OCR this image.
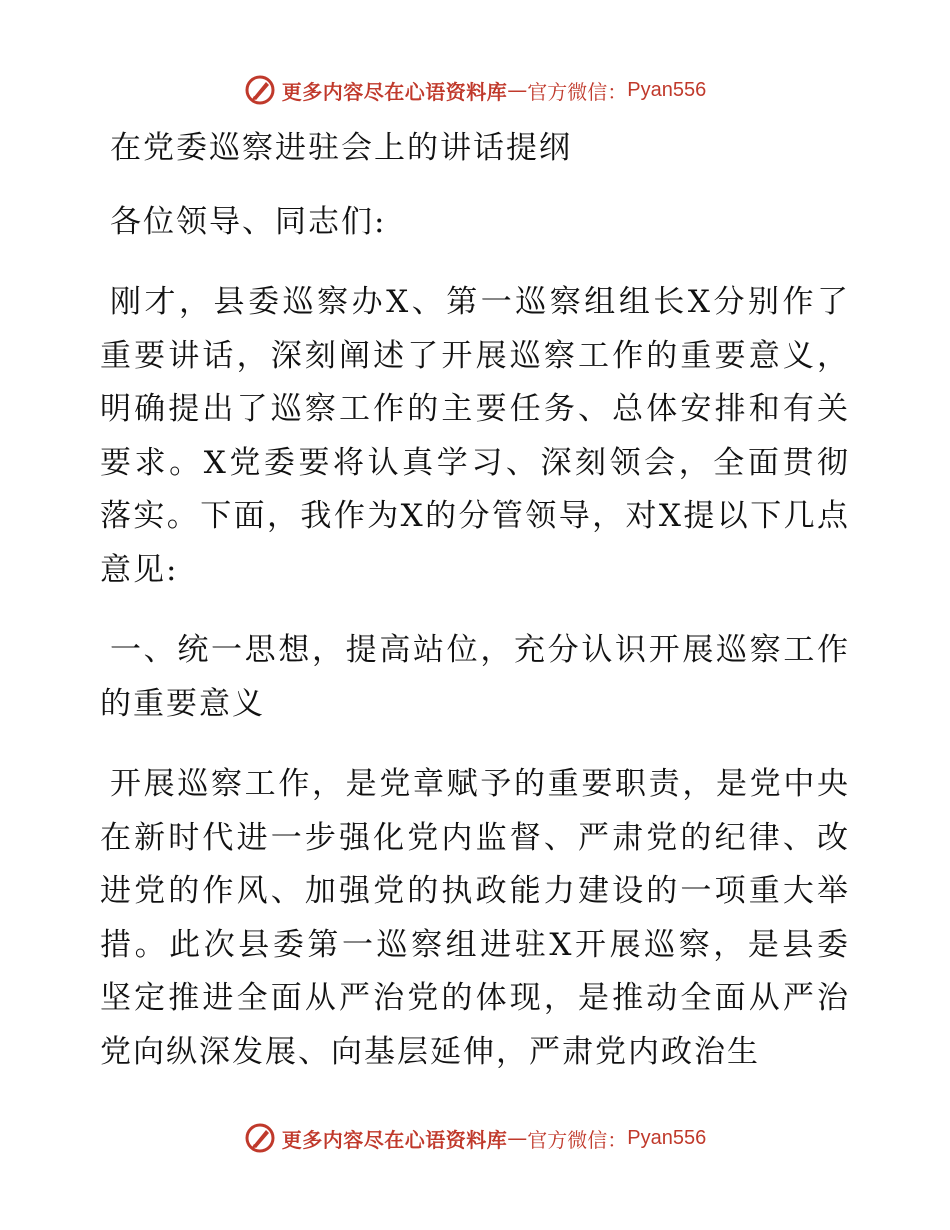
更多内容尽在心语资料库 — 官方微信： Pyan556

在党委巡察进驻会上的讲话提纲

各位领导、同志们:

刚才，县委巡察办X、第一巡察组组长X分别作了重要讲话，深刻阐述了开展巡察工作的重要意义，明确提出了巡察工作的主要任务、总体安排和有关要求。X党委要将认真学习、深刻领会，全面贯彻落实。下面，我作为X的分管领导，对X提以下几点意见:

一、统一思想，提高站位，充分认识开展巡察工作的重要意义

开展巡察工作，是党章赋予的重要职责，是党中央在新时代进一步强化党内监督、严肃党的纪律、改进党的作风、加强党的执政能力建设的一项重大举措。此次县委第一巡察组进驻X开展巡察，是县委坚定推进全面从严治党的体现，是推动全面从严治党向纵深发展、向基层延伸，严肃党内政治生

更多内容尽在心语资料库 — 官方微信： Pyan556
